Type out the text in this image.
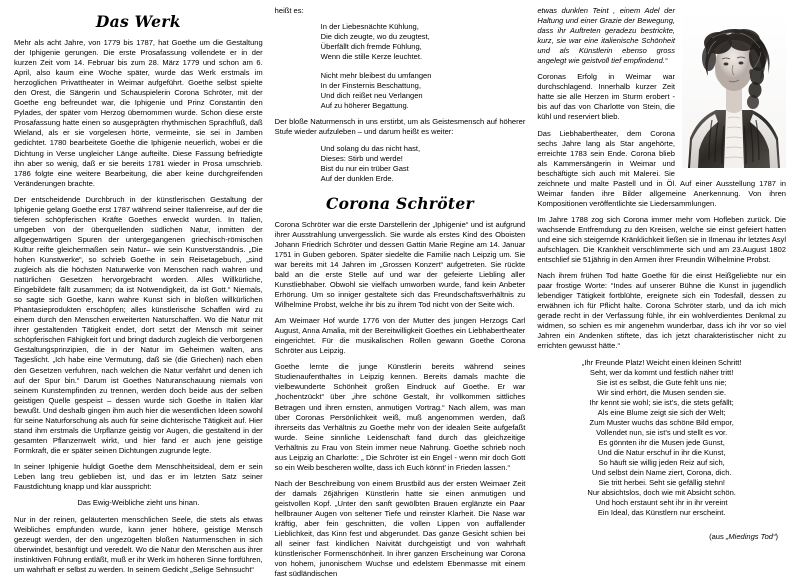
Das Werk

Mehr als acht Jahre, von 1779 bis 1787, hat Goethe um die Gestaltung der Iphigenie gerungen. Die erste Prosafassung vollendete er in der kurzen Zeit vom 14. Februar bis zum 28. März 1779 und schon am 6. April, also kaum eine Woche später, wurde das Werk erstmals im herzoglichen Privattheater in Weimar aufgeführt. Goethe selbst spielte den Orest, die Sängerin und Schauspielerin Corona Schröter, mit der Goethe eng befreundet war, die Iphigenie und Prinz Constantin den Pylades, der später vom Herzog übernommen wurde. Schon diese erste Prosafassung hatte einen so ausgeprägten rhythmischen Sprachfluß, daß Wieland, als er sie vorgelesen hörte, vermeinte, sie sei in Jamben gedichtet. 1780 bearbeitete Goethe die Iphigenie neuerlich, wobei er die Dichtung in Verse ungleicher Länge aufteilte. Diese Fassung befriedigte ihn aber so wenig, daß er sie bereits 1781 wieder in Prosa umschrieb. 1786 folgte eine weitere Bearbeitung, die aber keine durchgreifenden Veränderungen brachte.

Der entscheidende Durchbruch in der künstlerischen Gestaltung der Iphigenie gelang Goethe erst 1787 während seiner Italienreise, auf der die tieferen schöpferischen Kräfte Goethes erweckt wurden. In Italien, umgeben von der überquellenden südlichen Natur, inmitten der allgegenwärtigen Spuren der untergegangenen griechisch-römischen Kultur reifte gleichermaßen sein Natur– wie sein Kunstverständnis. „Die hohen Kunstwerke“, so schrieb Goethe in sein Reisetagebuch, „sind zugleich als die höchsten Naturwerke von Menschen nach wahren und natürlichen Gesetzen hervorgebracht worden. Alles Willkürliche, Eingebildete fällt zusammen; da ist Notwendigkeit, da ist Gott.“ Niemals, so sagte sich Goethe, kann wahre Kunst sich in bloßen willkürlichen Phantasieprodukten erschöpfen; alles künstlerische Schaffen wird zu einem durch den Menschen erweiterten Naturschaffen. Wo die Natur mit ihrer gestaltenden Tätigkeit endet, dort setzt der Mensch mit seiner schöpferischen Fähigkeit fort und bringt dadurch zugleich die verborgenen Gestaltungsprinzipien, die in der Natur im Geheimen walten, ans Tageslicht. „Ich habe eine Vermutung, daß sie (die Griechen) nach eben den Gesetzen verfuhren, nach welchen die Natur verfährt und denen ich auf der Spur bin.“ Darum ist Goethes Naturanschauung niemals von seinem Kunstempfinden zu trennen, werden doch beide aus der selben geistigen Quelle gespeist – dessen wurde sich Goethe in Italien klar bewußt. Und deshalb gingen ihm auch hier die wesentlichen Ideen sowohl für seine Naturforschung als auch für seine dichterische Tätigkeit auf. Hier stand ihm erstmals die Urpflanze geistig vor Augen, die gestaltend in der gesamten Pflanzenwelt wirkt, und hier fand er auch jene geistige Formkraft, die er später seinen Dichtungen zugrunde legte.

In seiner Iphigenie huldigt Goethe dem Menschheitsideal, dem er sein Leben lang treu geblieben ist, und das er im letzten Satz seiner Faustdichtung knapp und klar ausspricht:

Das Ewig-Weibliche zieht uns hinan.

Nur in der reinen, geläuterten menschlichen Seele, die stets als etwas Weibliches empfunden wurde, kann jener höhere, geistige Mensch gezeugt werden, der den ungezügelten bloßen Naturmenschen in sich überwindet, besänftigt und veredelt. Wo die Natur den Menschen aus ihrer instinktiven Führung entläßt, muß er ihr Werk im höheren Sinne fortführen, um wahrhaft er selbst zu werden. In seinem Gedicht „Selige Sehnsucht“

heißt es:

In der Liebesnächte Kühlung,
Die dich zeugte, wo du zeugtest,
Überfällt dich fremde Fühlung,
Wenn die stille Kerze leuchtet.
Nicht mehr bleibest du umfangen
In der Finsternis Beschattung,
Und dich reißet neu Verlangen
Auf zu höherer Begattung.

Der bloße Naturmensch in uns erstirbt, um als Geistesmensch auf höherer Stufe wieder aufzuleben – und darum heißt es weiter:

Und solang du das nicht hast,
Dieses: Stirb und werde!
Bist du nur ein trüber Gast
Auf der dunklen Erde.
Corona Schröter

Corona Schröter war die erste Darstellerin der „Iphigenie“ und ist aufgrund ihrer Ausstrahlung unvergesslich. Sie wurde als erstes Kind des Oboisten Johann Friedrich Schröter und dessen Gattin Marie Regine am 14. Januar 1751 in Guben geboren. Später siedelte die Familie nach Leipzig um. Sie war bereits mit 14 Jahren im „Grossen Konzert“ aufgetreten. Sie rückte bald an die erste Stelle auf und war der gefeierte Liebling aller Kunstliebhaber. Obwohl sie vielfach umworben wurde, fand kein Anbeter Erhörung. Um so inniger gestaltete sich das Freundschaftsverhältnis zu Wilhelmine Probst, welche ihr bis zu ihrem Tod nicht von der Seite wich.

Am Weimaer Hof wurde 1776 von der Mutter des jungen Herzogs Carl August, Anna Amalia, mit der Bereitwilligkeit Goethes ein Liebhabertheater eingerichtet. Für die musikalischen Rollen gewann Goethe Corona Schröter aus Leipzig.

Goethe lernte die junge Künstlerin bereits während seines Studienaufenthaltes in Leipzig kennen. Bereits damals machte die vielbewunderte Schönheit großen Eindruck auf Goethe. Er war „hochentzückt“ über „ihre schöne Gestalt, ihr vollkommen sittliches Betragen und ihren ernsten, anmutigen Vortrag.“ Nach allem, was man über Coronas Persönlichkeit weiß, muß angenommen werden, daß ihrerseits das Verhältnis zu Goethe mehr von der idealen Seite aufgefaßt wurde. Seine sinnliche Leidenschaft fand durch das gleichzeitige Verhältnis zu Frau von Stein immer neue Nahrung. Goethe schrieb noch aus Leipzig an Charlotte: „ Die Schröter ist ein Engel - wenn mir doch Gott so ein Weib bescheren wollte, dass ich Euch könnt’ in Frieden lassen.“

Nach der Beschreibung von einem Brustbild aus der ersten Weimaer Zeit der damals 26jährigen Künstlerin hatte sie einen anmutigen und geistvollen Kopf. „Unter den sanft gewölbten Brauen erglänzte ein Paar hellbrauner Augen von seltener Tiefe und reinster Klarheit. Die Nase war kräftig, aber fein geschnitten, die vollen Lippen von auffallender Lieblichkeit, das Kinn fest und abgerundet. Das ganze Gesicht schien bei all seiner fast kindlichen Naivität durchgeistigt und von wahrhaft künstlerischer Formenschönheit. In ihrer ganzen Erscheinung war Corona von hohem, junonischem Wuchse und edelstem Ebenmasse mit einem fast südländischen

etwas dunklen Teint , einem Adel der Haltung und einer Grazie der Bewegung, dass ihr Auftreten geradezu bestrickte, kurz, sie war eine italienische Schönheit und als Künstlerin ebenso gross angelegt wie geistvoll tief empfindend.“

Coronas Erfolg in Weimar war durchschlagend. Innerhalb kurzer Zeit hatte sie alle Herzen im Sturm erobert - bis auf das von Charlotte von Stein, die kühl und reserviert blieb.

Das Liebhabertheater, dem Corona sechs Jahre lang als Star angehörte, erreichte 1783 sein Ende. Corona blieb als Kammersängerin in Weimar und beschäftigte sich auch mit Malerei. Sie zeichnete und malte Pastell und in Öl. Auf einer Ausstellung 1787 in Weimar fanden ihre Bilder allgemeine Anerkennung. Von ihren Kompositionen veröffentlichte sie Liedersammlungen.

Im Jahre 1788 zog sich Corona immer mehr vom Hofleben zurück. Die wachsende Entfremdung zu den Kreisen, welche sie einst gefeiert hatten und eine sich steigernde Kränklichkeit ließen sie in Ilmenau ihr letztes Asyl aufschlagen. Die Krankheit verschlimmerte sich und am 23.August 1802 entschlief sie 51jährig in den Armen ihrer Freundin Wilhelmine Probst.

Nach ihrem frühen Tod hatte Goethe für die einst Heißgeliebte nur ein paar frostige Worte: “Indes auf unserer Bühne die Kunst in jugendlich lebendiger Tätigkeit fortblühte, ereignete sich ein Todesfall, dessen zu erwähnen ich für Pflicht halte. Corona Schröter starb, und da ich mich gerade recht in der Verfassung fühle, ihr ein wohlverdientes Denkmal zu widmen, so schien es mir angenehm wunderbar, dass ich ihr vor so viel Jahren ein Andenken stiftete, das ich jetzt charakteristischer nicht zu errichten gewusst hätte.“

„Ihr Freunde Platz! Weicht einen kleinen Schritt!
Seht, wer da kommt und festlich näher tritt!
Sie ist es selbst, die Gute fehlt uns nie;
Wir sind erhört, die Musen senden sie.
Ihr kennt sie wohl; sie ist’s, die stets gefällt;
Als eine Blume zeigt sie sich der Welt;
Zum Muster wuchs das schöne Bild empor,
Vollendet nun, sie ist’s und stellt es vor.
Es gönnten ihr die Musen jede Gunst,
Und die Natur erschuf in ihr die Kunst,
So häuft sie willig jeden Reiz auf sich,
Und selbst dein Name ziert, Corona, dich.
Sie tritt herbei. Seht sie gefällig stehn!
Nur absichtslos, doch wie mit Absicht schön.
Und hoch erstaunt seht ihr in ihr vereint
Ein Ideal, das Künstlern nur erscheint.
(aus „Miedings Tod“)
